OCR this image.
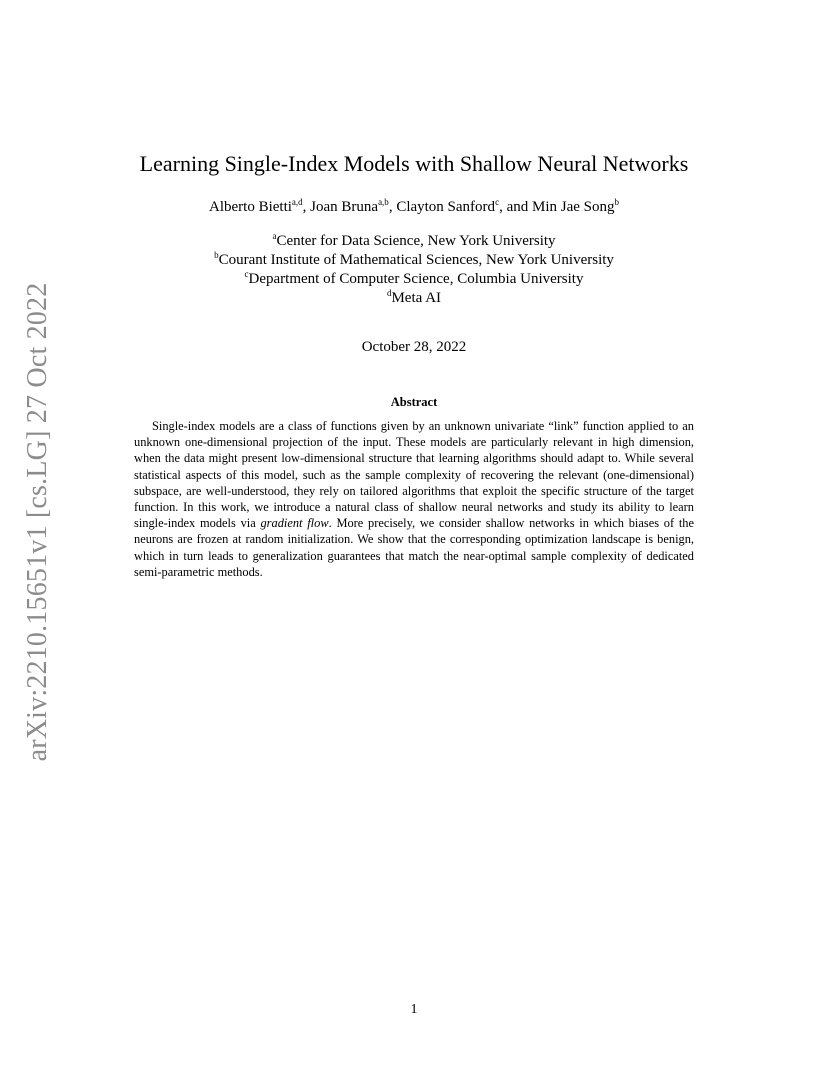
arXiv:2210.15651v1 [cs.LG] 27 Oct 2022
Learning Single-Index Models with Shallow Neural Networks
Alberto Bietti$^{a,d}$, Joan Bruna$^{a,b}$, Clayton Sanford$^c$, and Min Jae Song$^b$
$^a$Center for Data Science, New York University
$^b$Courant Institute of Mathematical Sciences, New York University
$^c$Department of Computer Science, Columbia University
$^d$Meta AI
October 28, 2022
Abstract
Single-index models are a class of functions given by an unknown univariate “link” function applied to an unknown one-dimensional projection of the input. These models are particularly relevant in high dimension, when the data might present low-dimensional structure that learning algorithms should adapt to. While several statistical aspects of this model, such as the sample complexity of recovering the relevant (one-dimensional) subspace, are well-understood, they rely on tailored algorithms that exploit the specific structure of the target function. In this work, we introduce a natural class of shallow neural networks and study its ability to learn single-index models via gradient flow. More precisely, we consider shallow networks in which biases of the neurons are frozen at random initialization. We show that the corresponding optimization landscape is benign, which in turn leads to generalization guarantees that match the near-optimal sample complexity of dedicated semi-parametric methods.
1
